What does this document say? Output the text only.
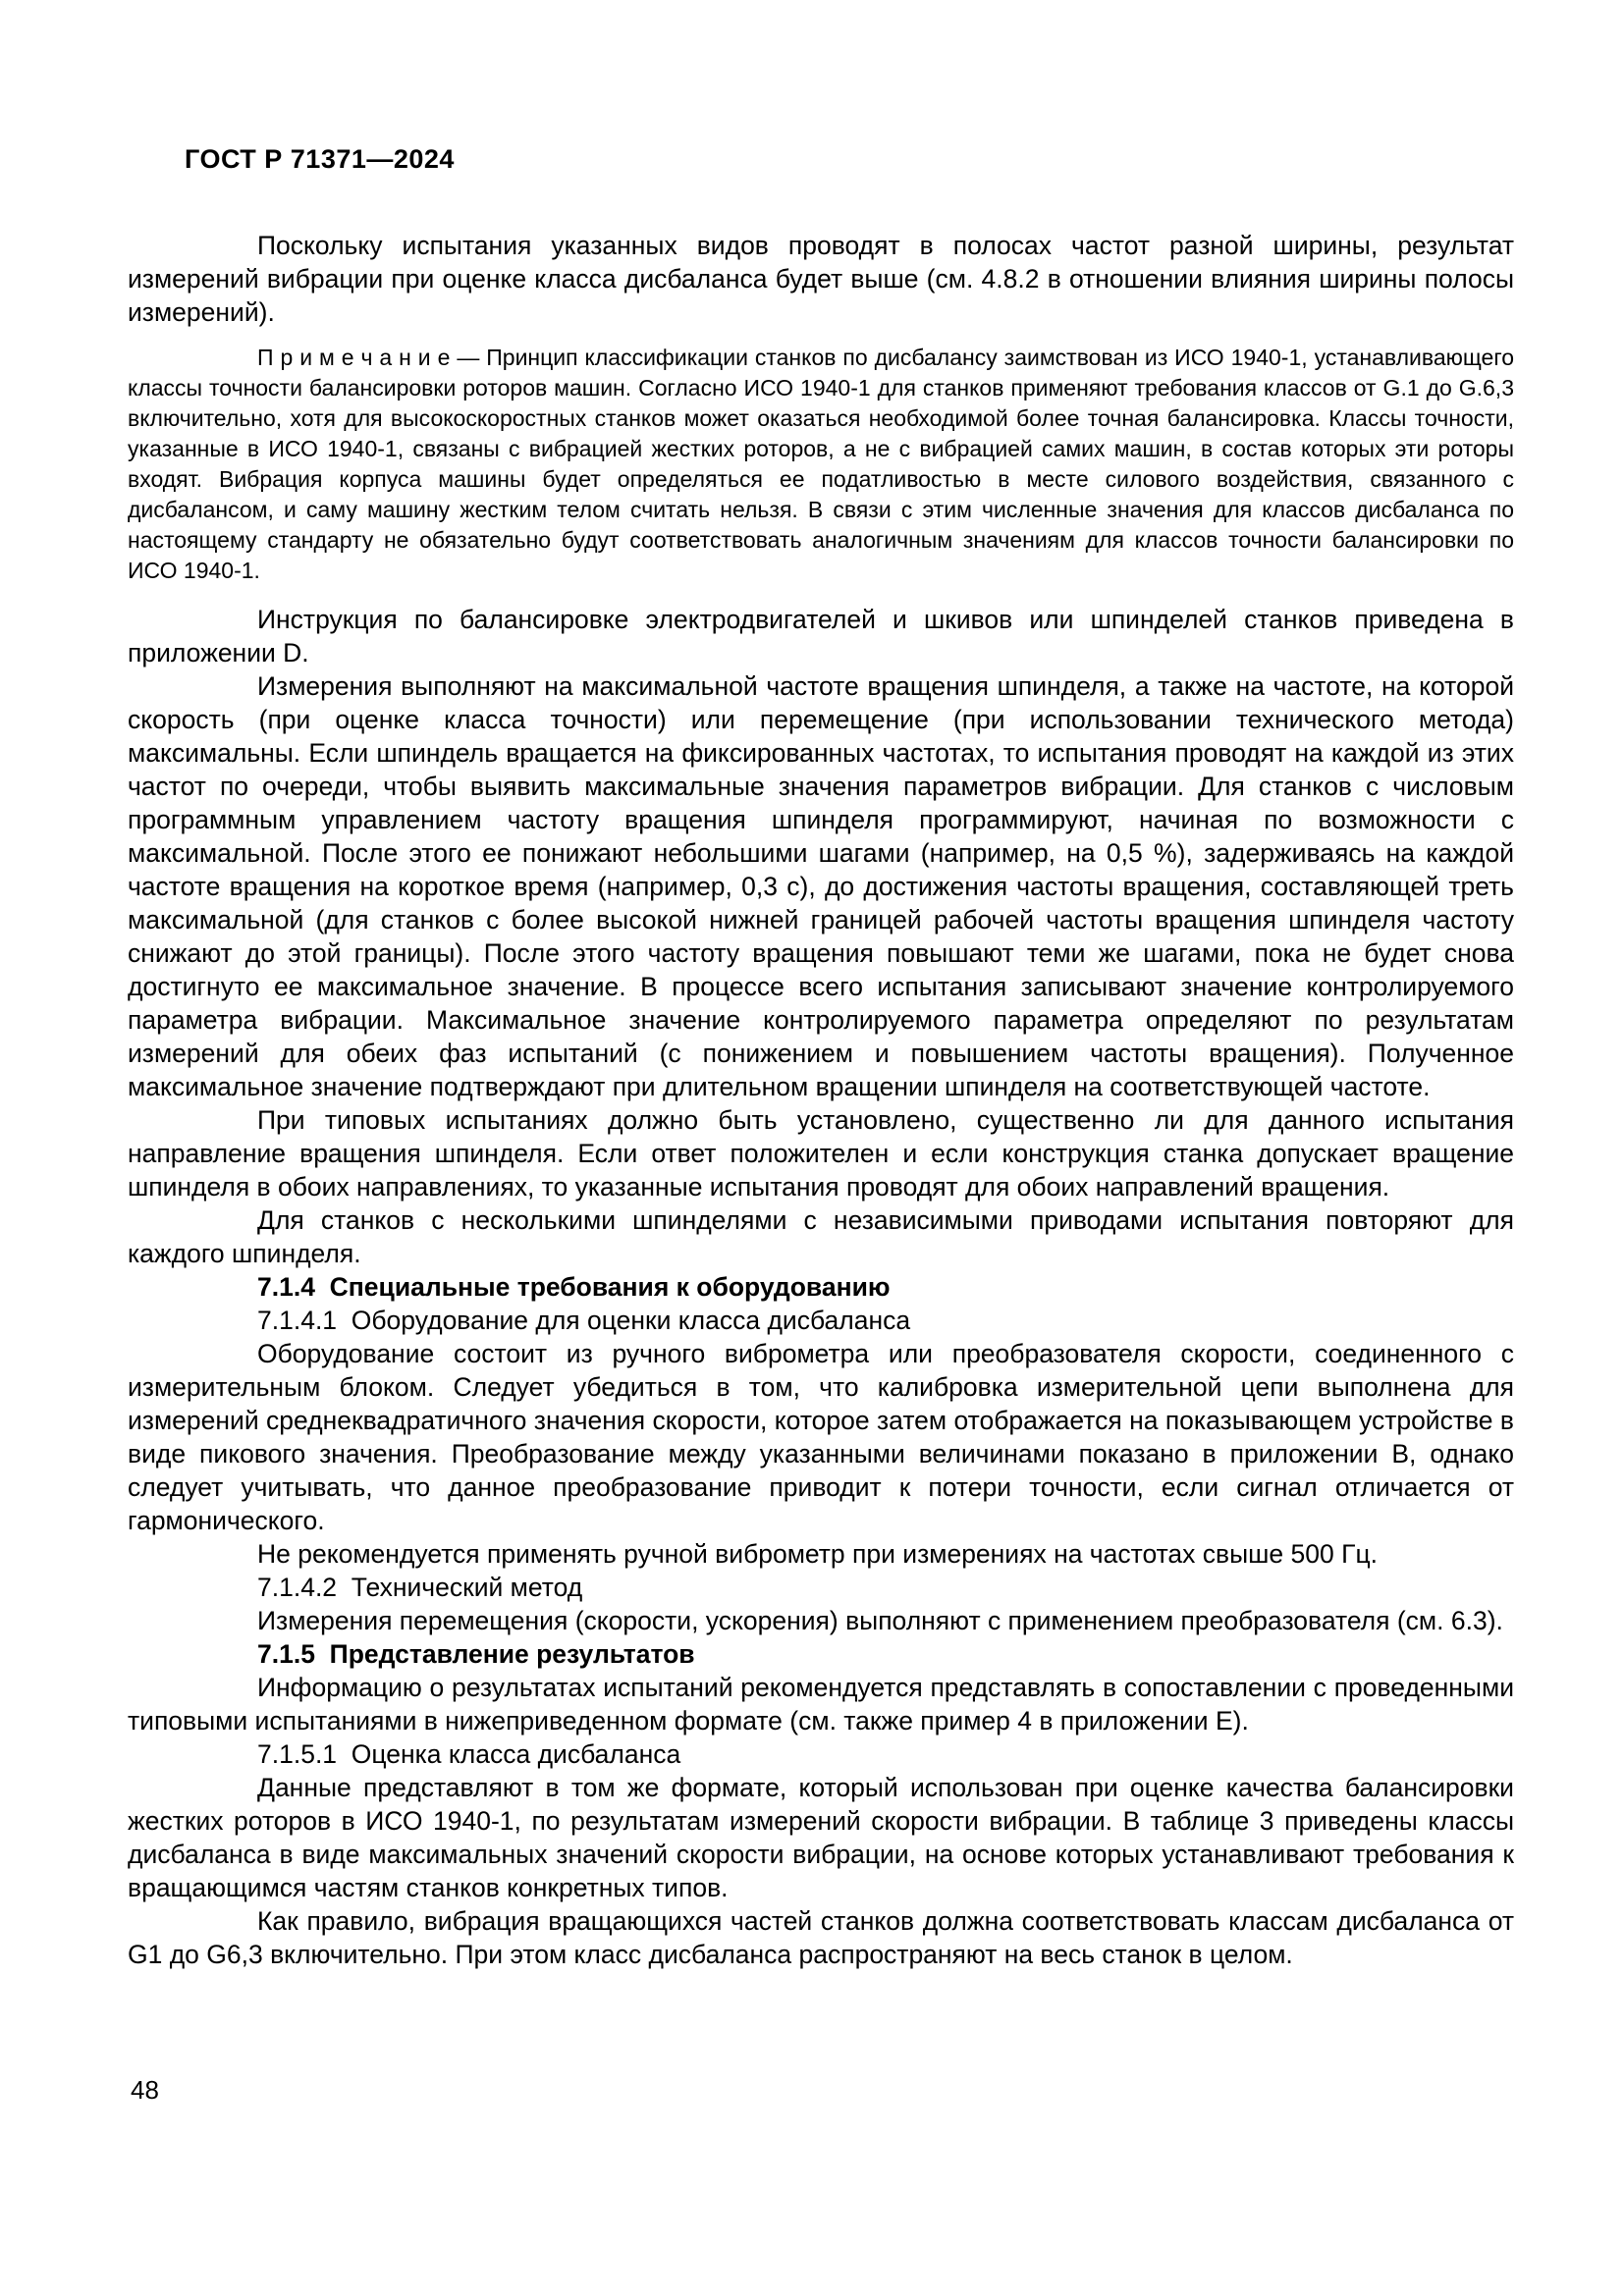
ГОСТ Р 71371—2024

Поскольку испытания указанных видов проводят в полосах частот разной ширины, результат измерений вибрации при оценке класса дисбаланса будет выше (см. 4.8.2 в отношении влияния ширины полосы измерений).

П р и м е ч а н и е — Принцип классификации станков по дисбалансу заимствован из ИСО 1940-1, устанавливающего классы точности балансировки роторов машин. Согласно ИСО 1940-1 для станков применяют требования классов от G.1 до G.6,3 включительно, хотя для высокоскоростных станков может оказаться необходимой более точная балансировка. Классы точности, указанные в ИСО 1940-1, связаны с вибрацией жестких роторов, а не с вибрацией самих машин, в состав которых эти роторы входят. Вибрация корпуса машины будет определяться ее податливостью в месте силового воздействия, связанного с дисбалансом, и саму машину жестким телом считать нельзя. В связи с этим численные значения для классов дисбаланса по настоящему стандарту не обязательно будут соответствовать аналогичным значениям для классов точности балансировки по ИСО 1940-1.

Инструкция по балансировке электродвигателей и шкивов или шпинделей станков приведена в приложении D.

Измерения выполняют на максимальной частоте вращения шпинделя, а также на частоте, на которой скорость (при оценке класса точности) или перемещение (при использовании технического метода) максимальны. Если шпиндель вращается на фиксированных частотах, то испытания проводят на каждой из этих частот по очереди, чтобы выявить максимальные значения параметров вибрации. Для станков с числовым программным управлением частоту вращения шпинделя программируют, начиная по возможности с максимальной. После этого ее понижают небольшими шагами (например, на 0,5 %), задерживаясь на каждой частоте вращения на короткое время (например, 0,3 с), до достижения частоты вращения, составляющей треть максимальной (для станков с более высокой нижней границей рабочей частоты вращения шпинделя частоту снижают до этой границы). После этого частоту вращения повышают теми же шагами, пока не будет снова достигнуто ее максимальное значение. В процессе всего испытания записывают значение контролируемого параметра вибрации. Максимальное значение контролируемого параметра определяют по результатам измерений для обеих фаз испытаний (с понижением и повышением частоты вращения). Полученное максимальное значение подтверждают при длительном вращении шпинделя на соответствующей частоте.

При типовых испытаниях должно быть установлено, существенно ли для данного испытания направление вращения шпинделя. Если ответ положителен и если конструкция станка допускает вращение шпинделя в обоих направлениях, то указанные испытания проводят для обоих направлений вращения.

Для станков с несколькими шпинделями с независимыми приводами испытания повторяют для каждого шпинделя.

7.1.4  Специальные требования к оборудованию

7.1.4.1  Оборудование для оценки класса дисбаланса

Оборудование состоит из ручного виброметра или преобразователя скорости, соединенного с измерительным блоком. Следует убедиться в том, что калибровка измерительной цепи выполнена для измерений среднеквадратичного значения скорости, которое затем отображается на показывающем устройстве в виде пикового значения. Преобразование между указанными величинами показано в приложении B, однако следует учитывать, что данное преобразование приводит к потери точности, если сигнал отличается от гармонического.

Не рекомендуется применять ручной виброметр при измерениях на частотах свыше 500 Гц.

7.1.4.2  Технический метод

Измерения перемещения (скорости, ускорения) выполняют с применением преобразователя (см. 6.3).

7.1.5  Представление результатов

Информацию о результатах испытаний рекомендуется представлять в сопоставлении с проведенными типовыми испытаниями в нижеприведенном формате (см. также пример 4 в приложении Е).

7.1.5.1  Оценка класса дисбаланса

Данные представляют в том же формате, который использован при оценке качества балансировки жестких роторов в ИСО 1940-1, по результатам измерений скорости вибрации. В таблице 3 приведены классы дисбаланса в виде максимальных значений скорости вибрации, на основе которых устанавливают требования к вращающимся частям станков конкретных типов.

Как правило, вибрация вращающихся частей станков должна соответствовать классам дисбаланса от G1 до G6,3 включительно. При этом класс дисбаланса распространяют на весь станок в целом.

48
